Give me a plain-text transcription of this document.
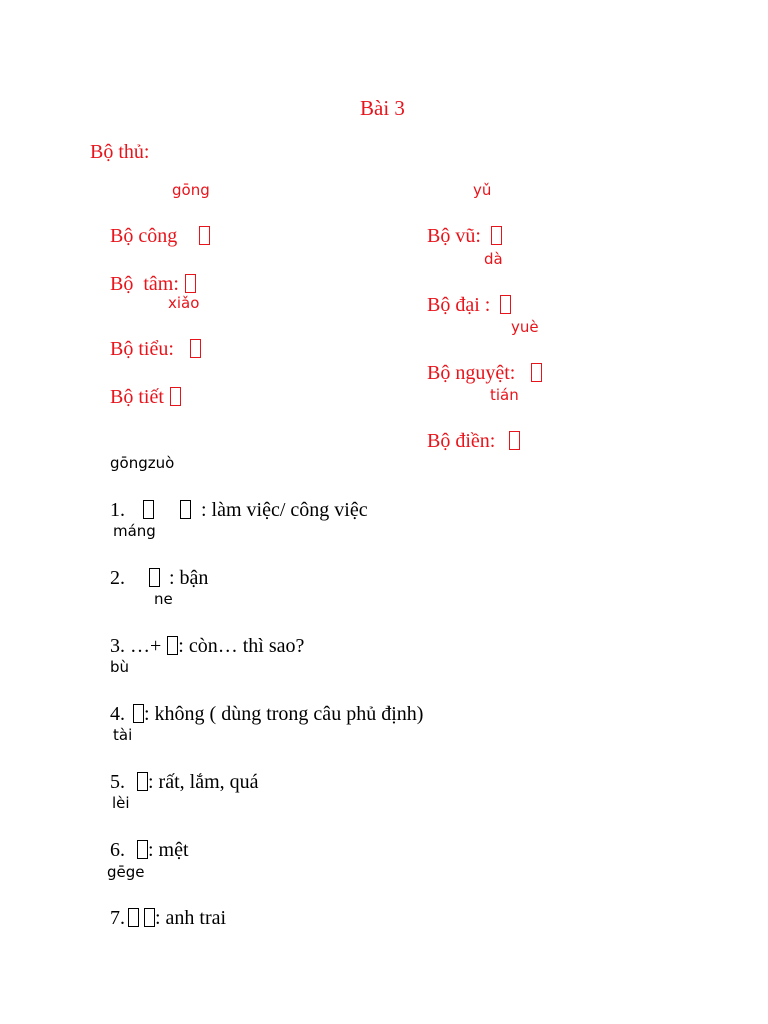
Bài 3
Bộ thủ:
gōng

Bộ công

Bộ  tâm:

xiǎo

Bộ tiểu:

Bộ tiết

yǔ

Bộ vũ:

dà

Bộ đại :

yuè

Bộ nguyệt:

tián

Bộ điền:

gōngzuò

1.	: làm việc/ công việc

máng

2. : bận

ne

3. …+ : còn… thì sao?

bù

4. : không ( dùng trong câu phủ định)

tài

5. : rất, lắm, quá

lèi

6. : mệt

gēge

7. : anh trai
